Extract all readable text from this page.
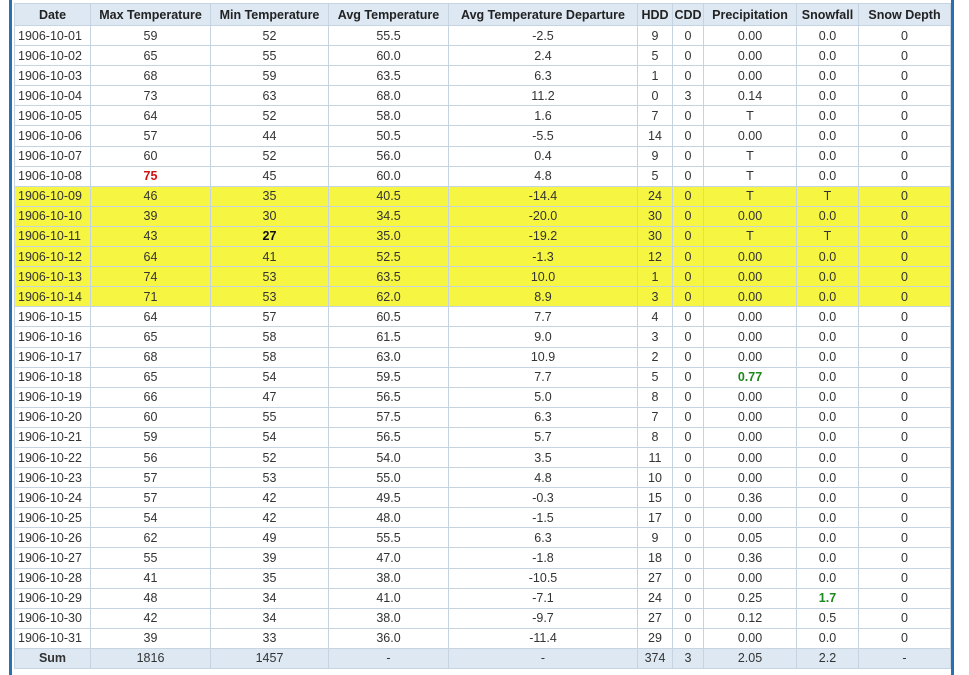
Date	Max Temperature	Min Temperature	Avg Temperature	Avg Temperature Departure	HDD	CDD	Precipitation	Snowfall	Snow Depth
1906-10-01	59	52	55.5	-2.5	9	0	0.00	0.0	0
1906-10-02	65	55	60.0	2.4	5	0	0.00	0.0	0
1906-10-03	68	59	63.5	6.3	1	0	0.00	0.0	0
1906-10-04	73	63	68.0	11.2	0	3	0.14	0.0	0
1906-10-05	64	52	58.0	1.6	7	0	T	0.0	0
1906-10-06	57	44	50.5	-5.5	14	0	0.00	0.0	0
1906-10-07	60	52	56.0	0.4	9	0	T	0.0	0
1906-10-08	75	45	60.0	4.8	5	0	T	0.0	0
1906-10-09	46	35	40.5	-14.4	24	0	T	T	0
1906-10-10	39	30	34.5	-20.0	30	0	0.00	0.0	0
1906-10-11	43	27	35.0	-19.2	30	0	T	T	0
1906-10-12	64	41	52.5	-1.3	12	0	0.00	0.0	0
1906-10-13	74	53	63.5	10.0	1	0	0.00	0.0	0
1906-10-14	71	53	62.0	8.9	3	0	0.00	0.0	0
1906-10-15	64	57	60.5	7.7	4	0	0.00	0.0	0
1906-10-16	65	58	61.5	9.0	3	0	0.00	0.0	0
1906-10-17	68	58	63.0	10.9	2	0	0.00	0.0	0
1906-10-18	65	54	59.5	7.7	5	0	0.77	0.0	0
1906-10-19	66	47	56.5	5.0	8	0	0.00	0.0	0
1906-10-20	60	55	57.5	6.3	7	0	0.00	0.0	0
1906-10-21	59	54	56.5	5.7	8	0	0.00	0.0	0
1906-10-22	56	52	54.0	3.5	11	0	0.00	0.0	0
1906-10-23	57	53	55.0	4.8	10	0	0.00	0.0	0
1906-10-24	57	42	49.5	-0.3	15	0	0.36	0.0	0
1906-10-25	54	42	48.0	-1.5	17	0	0.00	0.0	0
1906-10-26	62	49	55.5	6.3	9	0	0.05	0.0	0
1906-10-27	55	39	47.0	-1.8	18	0	0.36	0.0	0
1906-10-28	41	35	38.0	-10.5	27	0	0.00	0.0	0
1906-10-29	48	34	41.0	-7.1	24	0	0.25	1.7	0
1906-10-30	42	34	38.0	-9.7	27	0	0.12	0.5	0
1906-10-31	39	33	36.0	-11.4	29	0	0.00	0.0	0
Sum	1816	1457	-	-	374	3	2.05	2.2	-
